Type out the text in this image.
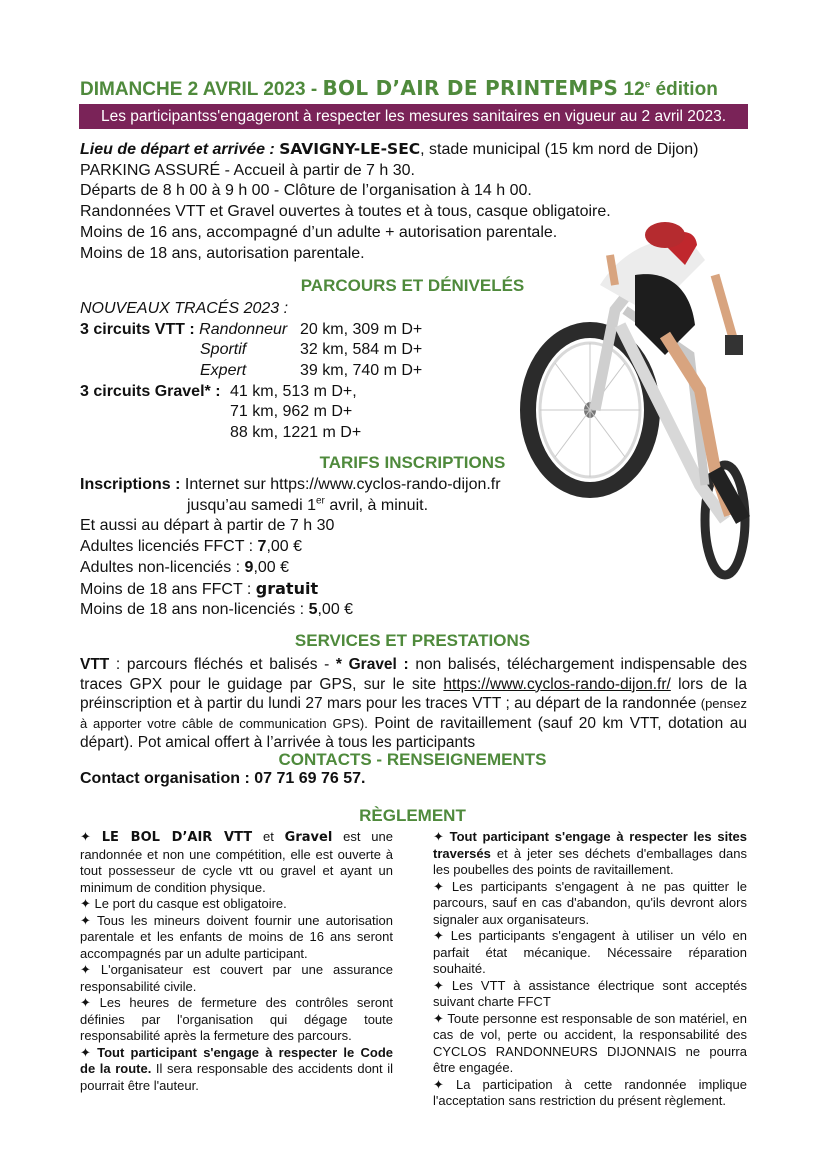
DIMANCHE 2 AVRIL 2023 - BOL D’AIR DE PRINTEMPS 12e édition
Les participantss'engageront à respecter les mesures sanitaires en vigueur au 2 avril 2023.
Lieu de départ et arrivée : SAVIGNY-LE-SEC, stade municipal (15 km nord de Dijon)
PARKING ASSURÉ - Accueil à partir de 7 h 30.
Départs de 8 h 00 à 9 h 00 - Clôture de l’organisation à 14 h 00.
Randonnées VTT et Gravel ouvertes à toutes et à tous, casque obligatoire.
Moins de 16 ans, accompagné d’un adulte + autorisation parentale.
Moins de 18 ans, autorisation parentale.
PARCOURS ET DÉNIVELÉS
NOUVEAUX TRACÉS 2023 :
3 circuits VTT : Randonneur 20 km, 309 m D+
Sportif	32 km, 584 m D+
Expert	39 km, 740 m D+
3 circuits Gravel* : 41 km, 513 m D+,
71 km, 962 m D+
88 km, 1221 m D+
TARIFS INSCRIPTIONS
Inscriptions : Internet sur https://www.cyclos-rando-dijon.fr
jusqu’au samedi 1er avril, à minuit.
Et aussi au départ à partir de 7 h 30
Adultes licenciés FFCT : 7,00 €
Adultes non-licenciés : 9,00 €
Moins de 18 ans FFCT : gratuit
Moins de 18 ans non-licenciés : 5,00 €
SERVICES ET PRESTATIONS
VTT : parcours fléchés et balisés - * Gravel : non balisés, téléchargement indispensable des traces GPX pour le guidage par GPS, sur le site https://www.cyclos-rando-dijon.fr/ lors de la préinscription et à partir du lundi 27 mars pour les traces VTT ; au départ de la randonnée (pensez à apporter votre câble de communication GPS). Point de ravitaillement (sauf 20 km VTT, dotation au départ). Pot amical offert à l’arrivée à tous les participants
CONTACTS - RENSEIGNEMENTS
Contact organisation : 07 71 69 76 57.
RÈGLEMENT

✦ LE BOL D’AIR VTT et Gravel est une randonnée et non une compétition, elle est ouverte à tout possesseur de cycle vtt ou gravel et ayant un minimum de condition physique.

✦ Le port du casque est obligatoire.

✦ Tous les mineurs doivent fournir une autorisation parentale et les enfants de moins de 16 ans seront accompagnés par un adulte participant.

✦ L'organisateur est couvert par une assurance responsabilité civile.

✦ Les heures de fermeture des contrôles seront définies par l'organisation qui dégage toute responsabilité après la fermeture des parcours.

✦ Tout participant s'engage à respecter le Code de la route. Il sera responsable des accidents dont il pourrait être l'auteur.

✦ Tout participant s'engage à respecter les sites traversés et à jeter ses déchets d'emballages dans les poubelles des points de ravitaillement.

✦ Les participants s'engagent à ne pas quitter le parcours, sauf en cas d'abandon, qu'ils devront alors signaler aux organisateurs.

✦ Les participants s'engagent à utiliser un vélo en parfait état mécanique. Nécessaire réparation souhaité.

✦ Les VTT à assistance électrique sont acceptés suivant charte FFCT

✦ Toute personne est responsable de son matériel, en cas de vol, perte ou accident, la responsabilité des CYCLOS RANDONNEURS DIJONNAIS ne pourra être engagée.

✦ La participation à cette randonnée implique l'acceptation sans restriction du présent règlement.
